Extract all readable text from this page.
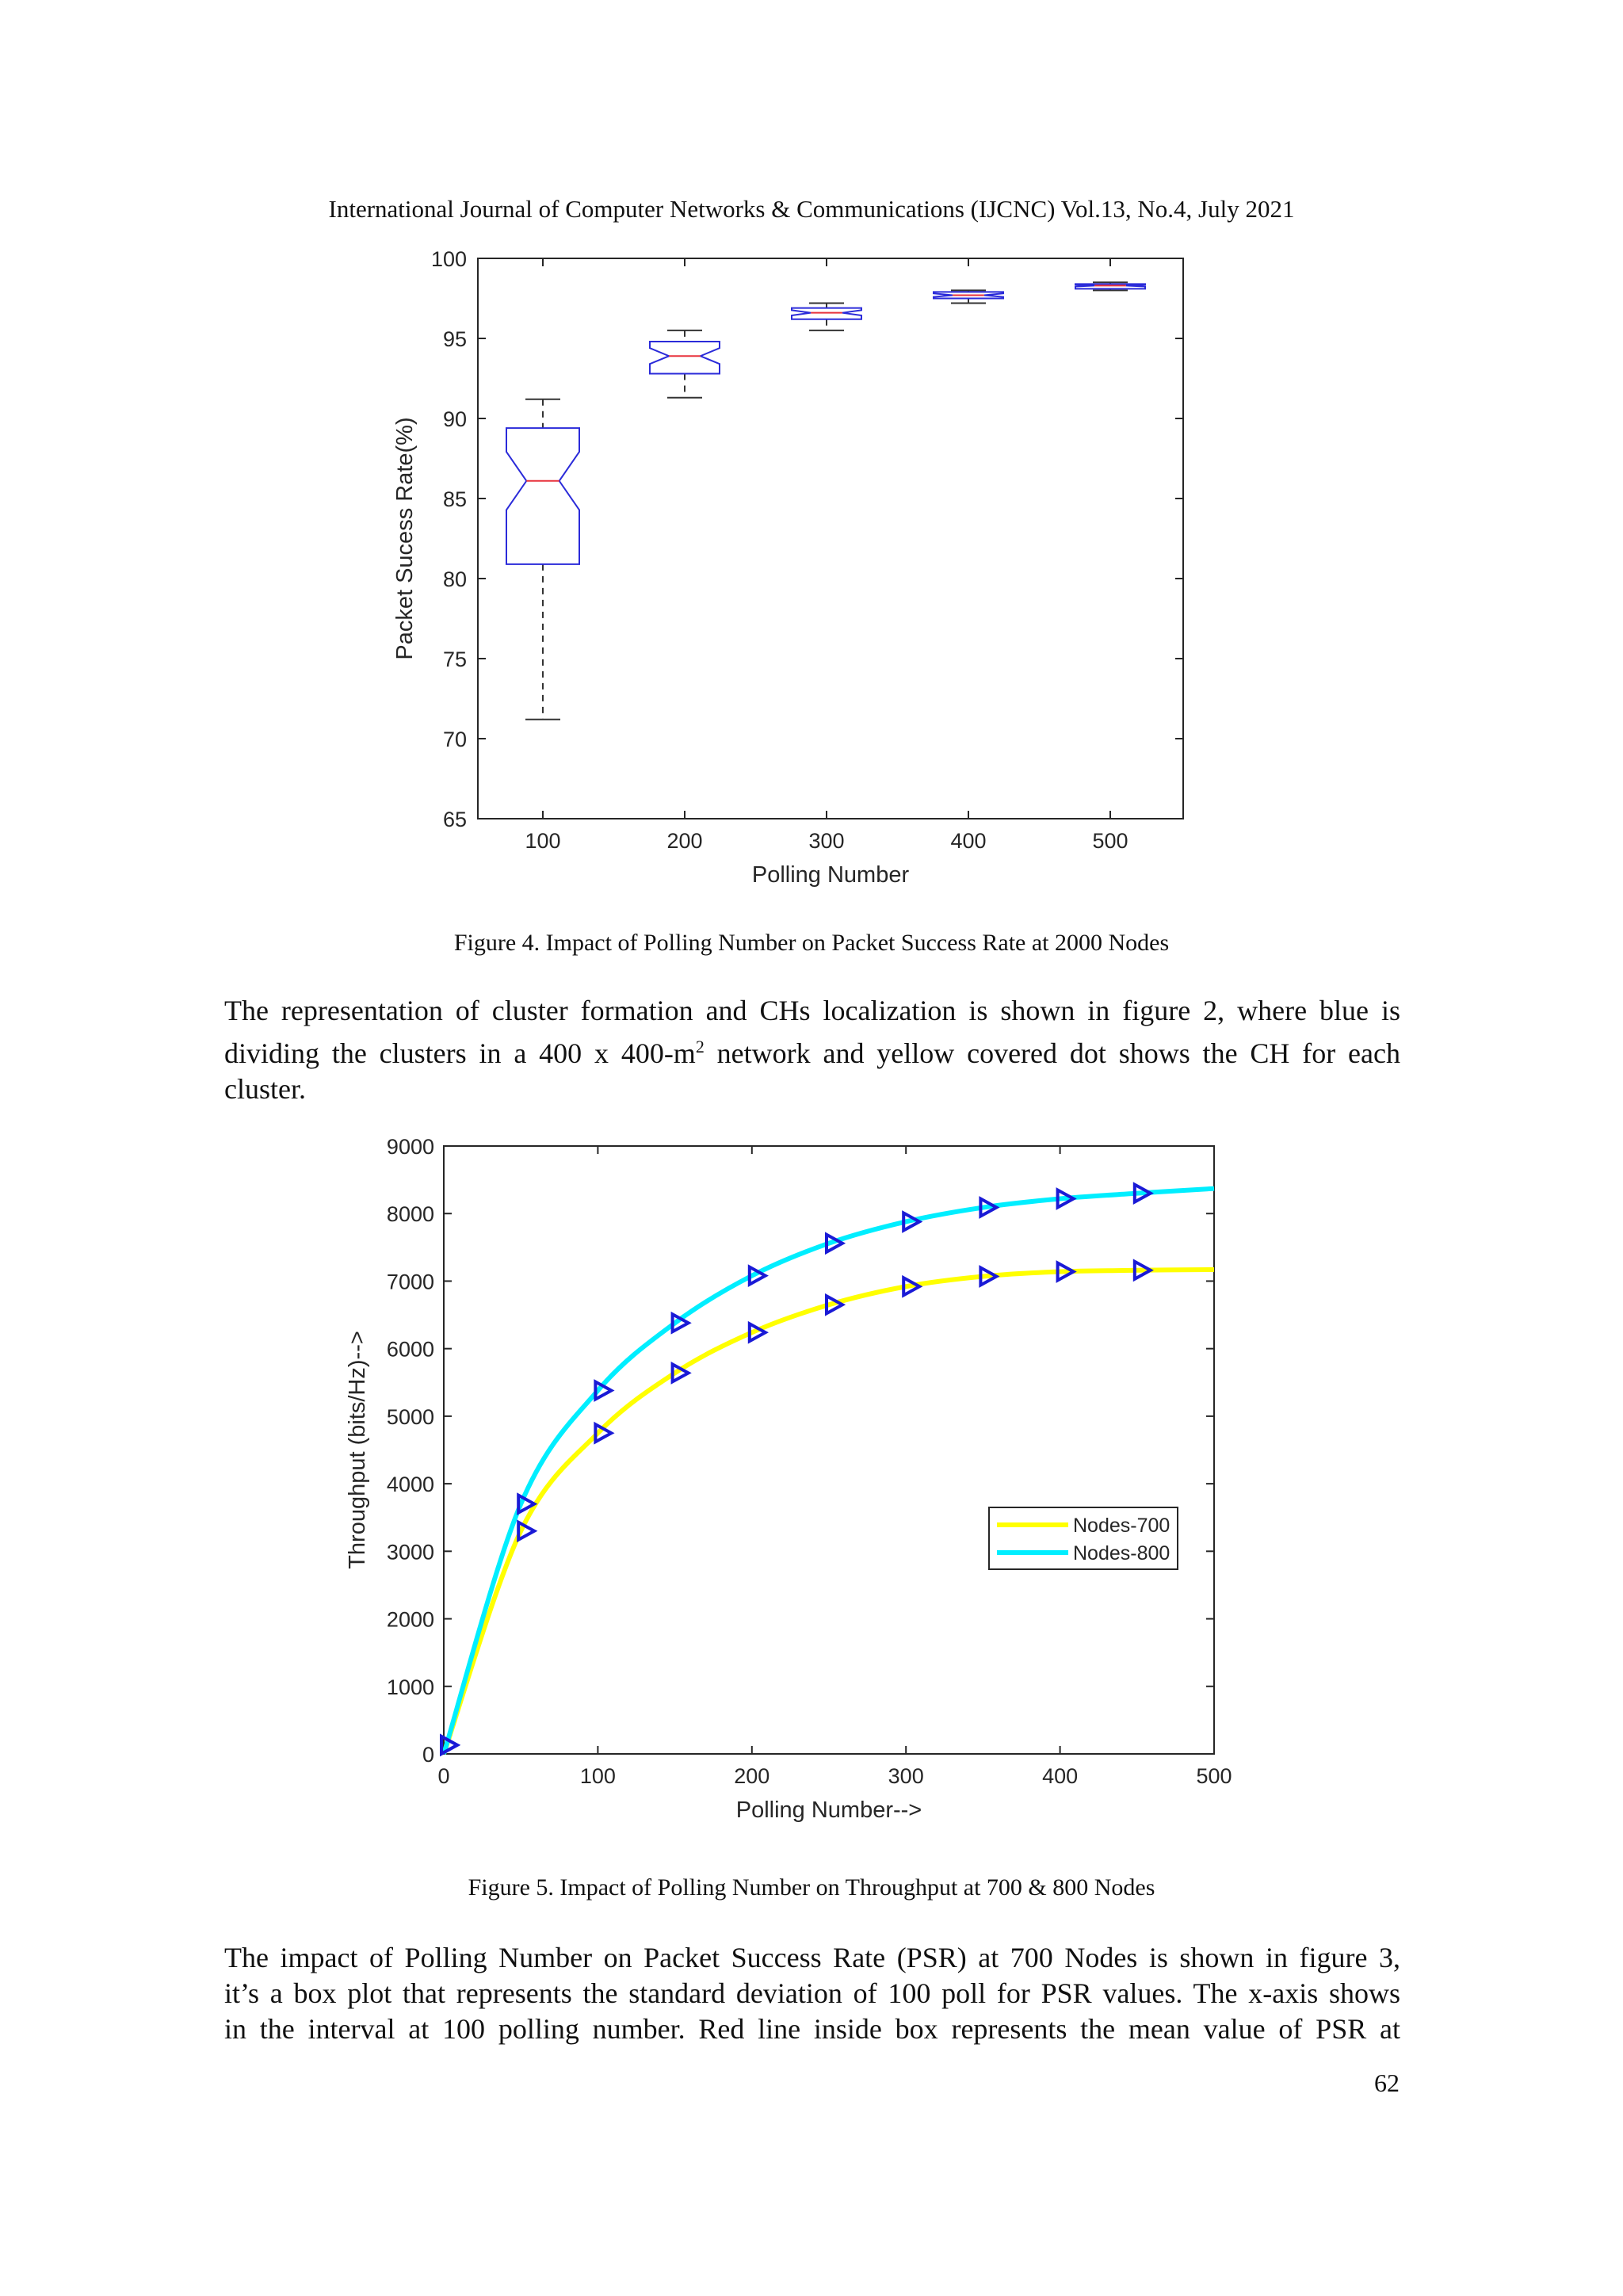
International Journal of Computer Networks & Communications (IJCNC) Vol.13, No.4, July 2021
65
70
75
80
85
90
95
100
100	200	300	400	500
Polling Number
Packet Sucess Rate(%)
Figure 4. Impact of Polling Number on Packet Success Rate at 2000 Nodes
The representation of cluster formation and CHs localization is shown in figure 2, where blue is
dividing the clusters in a 400 x $400-m^2$ network and yellow covered dot shows the CH for each
cluster.
0
1000
2000
3000
4000
5000
6000
7000
8000
9000
0	100	200	300	400	500
Polling Number-->
Throughput (bits/Hz)-->	Nodes-700
Nodes-800
Figure 5. Impact of Polling Number on Throughput at 700 & 800 Nodes
The impact of Polling Number on Packet Success Rate (PSR) at 700 Nodes is shown in figure 3,
it’s a box plot that represents the standard deviation of 100 poll for PSR values. The x-axis shows
in the interval at 100 polling number. Red line inside box represents the mean value of PSR at
62
